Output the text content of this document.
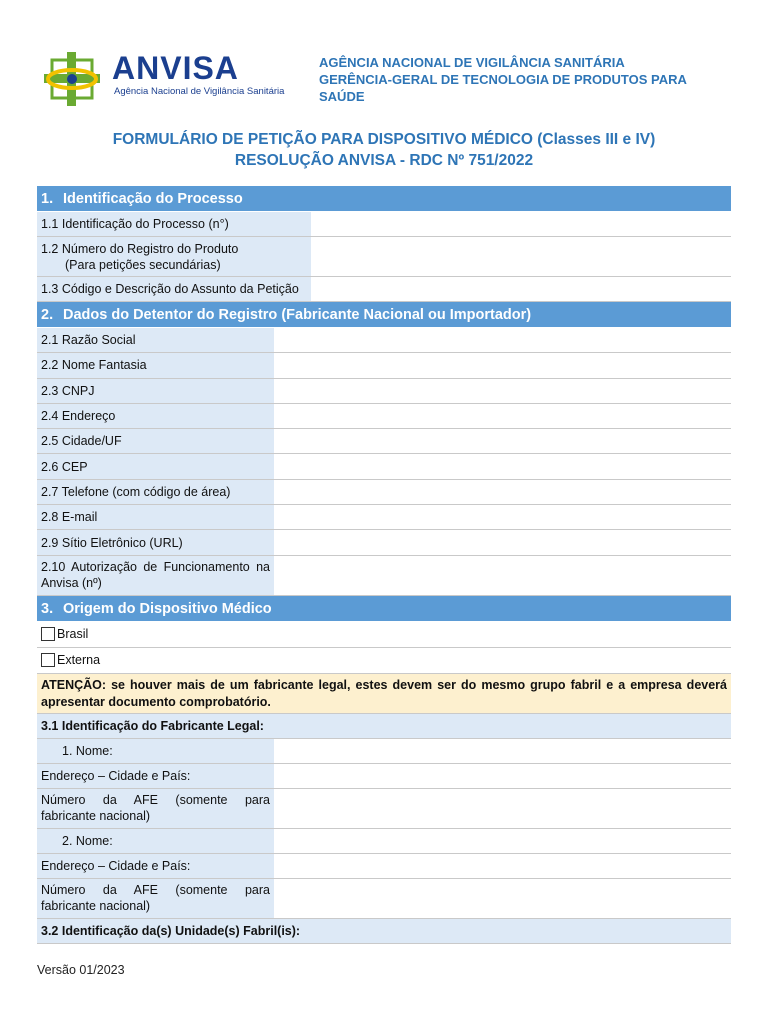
ANVISA
Agência Nacional de Vigilância Sanitária
AGÊNCIA NACIONAL DE VIGILÂNCIA SANITÁRIA
GERÊNCIA-GERAL DE TECNOLOGIA DE PRODUTOS PARA
SAÚDE
FORMULÁRIO DE PETIÇÃO PARA DISPOSITIVO MÉDICO (Classes III e IV)
RESOLUÇÃO ANVISA - RDC Nº 751/2022
1. Identificação do Processo
1.1 Identificação do Processo (n°)
1.2 Número do Registro do Produto
(Para petições secundárias)
1.3 Código e Descrição do Assunto da Petição
2. Dados do Detentor do Registro (Fabricante Nacional ou Importador)
2.1 Razão Social
2.2 Nome Fantasia
2.3 CNPJ
2.4 Endereço
2.5 Cidade/UF
2.6 CEP
2.7 Telefone (com código de área)
2.8 E-mail
2.9 Sítio Eletrônico (URL)
2.10 Autorização de Funcionamento na
Anvisa (nº)
3. Origem do Dispositivo Médico
Brasil
Externa
ATENÇÃO: se houver mais de um fabricante legal, estes devem ser do mesmo grupo fabril e a empresa deverá apresentar documento comprobatório.
3.1 Identificação do Fabricante Legal:
1. Nome:
Endereço – Cidade e País:
Número da AFE (somente para
fabricante nacional)
2. Nome:
Endereço – Cidade e País:
Número da AFE (somente para
fabricante nacional)
3.2 Identificação da(s) Unidade(s) Fabril(is):
Versão 01/2023
